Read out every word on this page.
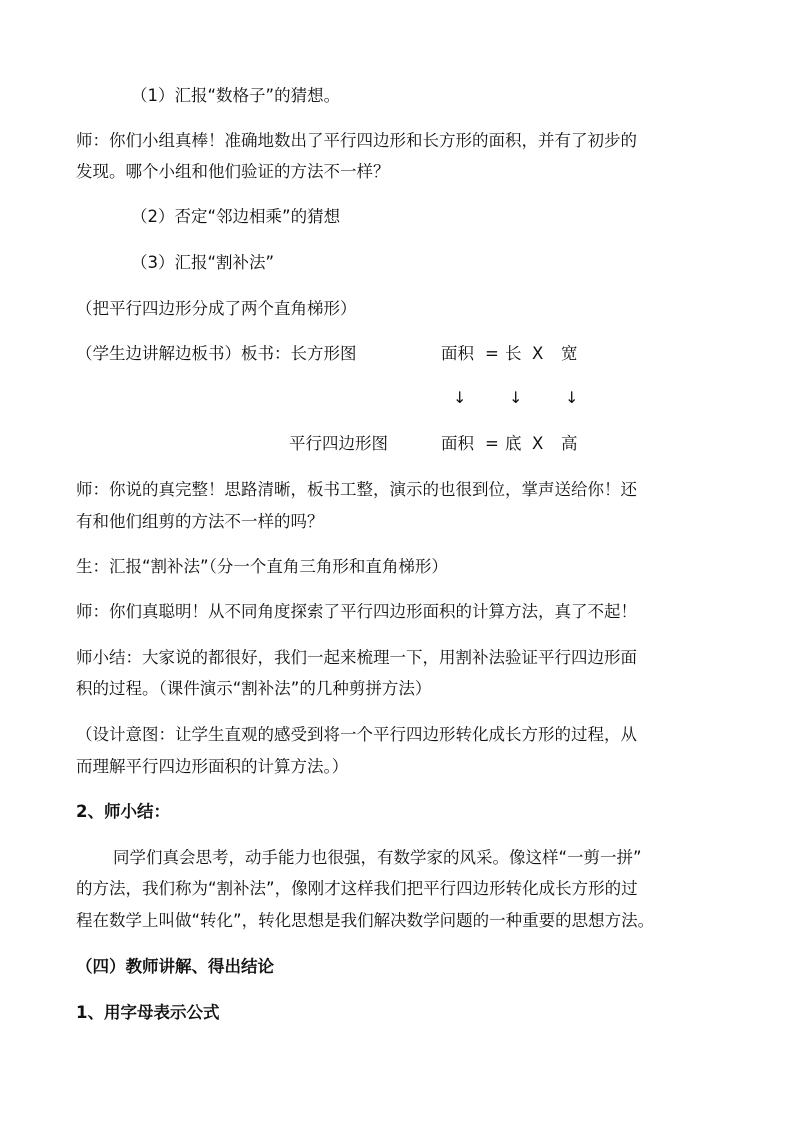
（1）汇报“数格子”的猜想。
师：你们小组真棒！准确地数出了平行四边形和长方形的面积，并有了初步的
发现。哪个小组和他们验证的方法不一样？
（2）否定“邻边相乘”的猜想
（3）汇报“割补法”
（把平行四边形分成了两个直角梯形）
（学生边讲解边板书）板书：长方形图	面积 = 长 X 宽
↓	↓	↓
平行四边形图	面积 = 底 X 高
师：你说的真完整！思路清晰，板书工整，演示的也很到位，掌声送给你！还
有和他们组剪的方法不一样的吗？
生：汇报“割补法”（分一个直角三角形和直角梯形）
师：你们真聪明！从不同角度探索了平行四边形面积的计算方法，真了不起！
师小结：大家说的都很好，我们一起来梳理一下，用割补法验证平行四边形面
积的过程。（课件演示“割补法”的几种剪拼方法）
（设计意图：让学生直观的感受到将一个平行四边形转化成长方形的过程，从
而理解平行四边形面积的计算方法。）
2、师小结：
同学们真会思考，动手能力也很强，有数学家的风采。像这样“一剪一拼”
的方法，我们称为“割补法”，像刚才这样我们把平行四边形转化成长方形的过
程在数学上叫做“转化”，转化思想是我们解决数学问题的一种重要的思想方法。
（四）教师讲解、得出结论
1、用字母表示公式
